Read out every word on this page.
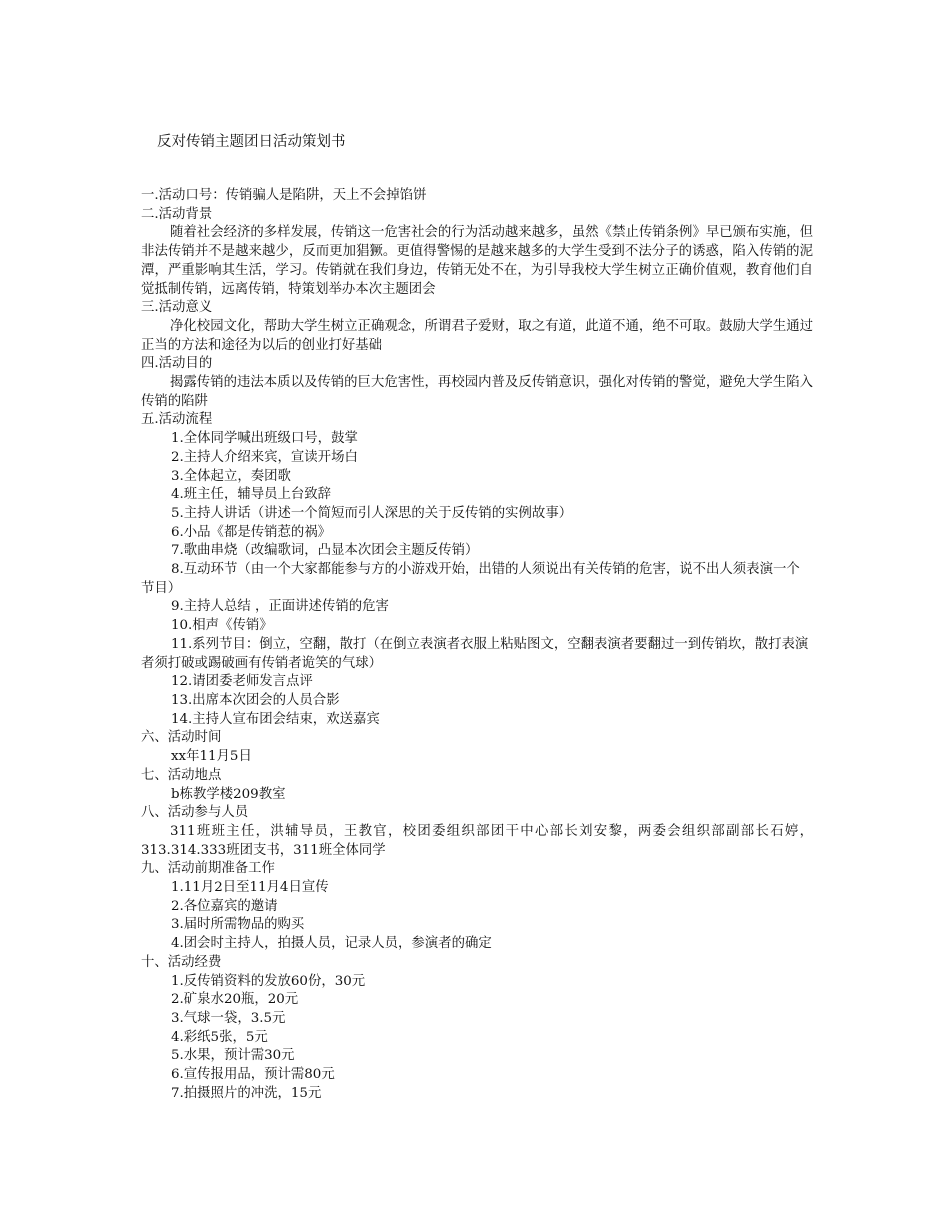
反对传销主题团日活动策划书

一.活动口号：传销骗人是陷阱，天上不会掉馅饼

二.活动背景

随着社会经济的多样发展，传销这一危害社会的行为活动越来越多，虽然《禁止传销条例》早已颁布实施，但非法传销并不是越来越少，反而更加猖獗。更值得警惕的是越来越多的大学生受到不法分子的诱惑，陷入传销的泥潭，严重影响其生活，学习。传销就在我们身边，传销无处不在，为引导我校大学生树立正确价值观，教育他们自觉抵制传销，远离传销，特策划举办本次主题团会

三.活动意义

净化校园文化，帮助大学生树立正确观念，所谓君子爱财，取之有道，此道不通，绝不可取。鼓励大学生通过正当的方法和途径为以后的创业打好基础

四.活动目的

揭露传销的违法本质以及传销的巨大危害性，再校园内普及反传销意识，强化对传销的警觉，避免大学生陷入传销的陷阱

五.活动流程

1.全体同学喊出班级口号，鼓掌
2.主持人介绍来宾，宣读开场白
3.全体起立，奏团歌
4.班主任，辅导员上台致辞
5.主持人讲话（讲述一个简短而引人深思的关于反传销的实例故事）
6.小品《都是传销惹的祸》
7.歌曲串烧（改编歌词，凸显本次团会主题反传销）
8.互动环节（由一个大家都能参与方的小游戏开始，出错的人须说出有关传销的危害，说不出人须表演一个节目）
9.主持人总结 ，正面讲述传销的危害
10.相声《传销》
11.系列节目：倒立，空翻，散打（在倒立表演者衣服上粘贴图文，空翻表演者要翻过一到传销坎，散打表演者须打破或踢破画有传销者诡笑的气球）
12.请团委老师发言点评
13.出席本次团会的人员合影
14.主持人宣布团会结束，欢送嘉宾

六、活动时间

xx年11月5日

七、活动地点

b栋教学楼209教室

八、活动参与人员

311班班主任，洪辅导员，王教官，校团委组织部团干中心部长刘安黎，两委会组织部副部长石婷，313.314.333班团支书，311班全体同学

九、活动前期准备工作

1.11月2日至11月4日宣传
2.各位嘉宾的邀请
3.届时所需物品的购买
4.团会时主持人，拍摄人员，记录人员，参演者的确定

十、活动经费

1.反传销资料的发放60份，30元
2.矿泉水20瓶，20元
3.气球一袋，3.5元
4.彩纸5张，5元
5.水果，预计需30元
6.宣传报用品，预计需80元
7.拍摄照片的冲洗，15元
